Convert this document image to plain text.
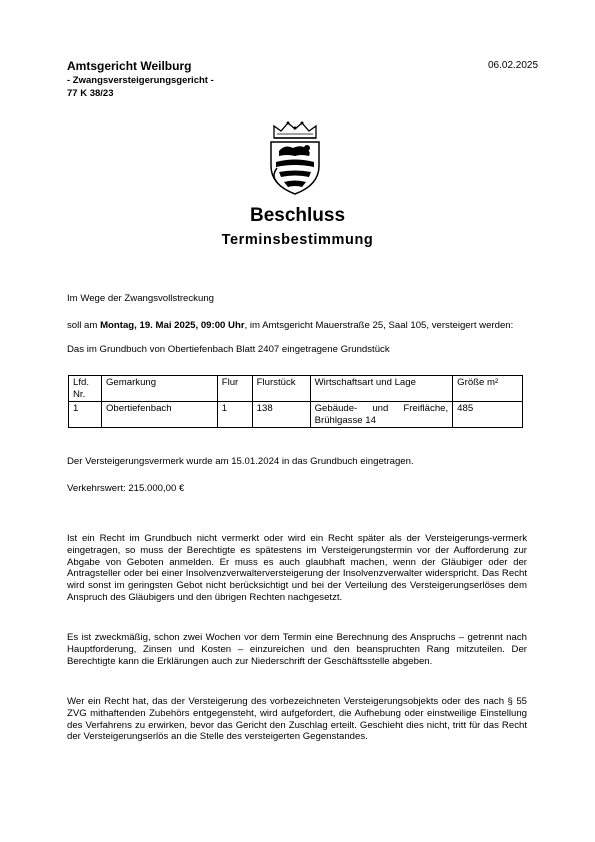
Amtsgericht Weilburg
- Zwangsversteigerungsgericht -
77 K 38/23
06.02.2025
Beschluss
Terminsbestimmung
Im Wege der Zwangsvollstreckung
soll am Montag, 19. Mai 2025, 09:00 Uhr, im Amtsgericht Mauerstraße 25, Saal 105, versteigert werden:
Das im Grundbuch von Obertiefenbach Blatt 2407 eingetragene Grundstück
Lfd. Nr.	Gemarkung	Flur	Flurstück	Wirtschaftsart und Lage	Größe m²
1	Obertiefenbach	1	138	Gebäude- und Freifläche, Brühlgasse 14	485
Der Versteigerungsvermerk wurde am 15.01.2024 in das Grundbuch eingetragen.
Verkehrswert: 215.000,00 €
Ist ein Recht im Grundbuch nicht vermerkt oder wird ein Recht später als der Versteigerungs-vermerk eingetragen, so muss der Berechtigte es spätestens im Versteigerungstermin vor der Aufforderung zur Abgabe von Geboten anmelden. Er muss es auch glaubhaft machen, wenn der Gläubiger oder der Antragsteller oder bei einer Insolvenzverwalterversteigerung der Insolvenzverwalter widerspricht. Das Recht wird sonst im geringsten Gebot nicht berücksichtigt und bei der Verteilung des Versteigerungserlöses dem Anspruch des Gläubigers und den übrigen Rechten nachgesetzt.
Es ist zweckmäßig, schon zwei Wochen vor dem Termin eine Berechnung des Anspruchs – getrennt nach Hauptforderung, Zinsen und Kosten – einzureichen und den beanspruchten Rang mitzuteilen. Der Berechtigte kann die Erklärungen auch zur Niederschrift der Geschäftsstelle abgeben.
Wer ein Recht hat, das der Versteigerung des vorbezeichneten Versteigerungsobjekts oder des nach § 55 ZVG mithaftenden Zubehörs entgegensteht, wird aufgefordert, die Aufhebung oder einstweilige Einstellung des Verfahrens zu erwirken, bevor das Gericht den Zuschlag erteilt. Geschieht dies nicht, tritt für das Recht der Versteigerungserlös an die Stelle des versteigerten Gegenstandes.
